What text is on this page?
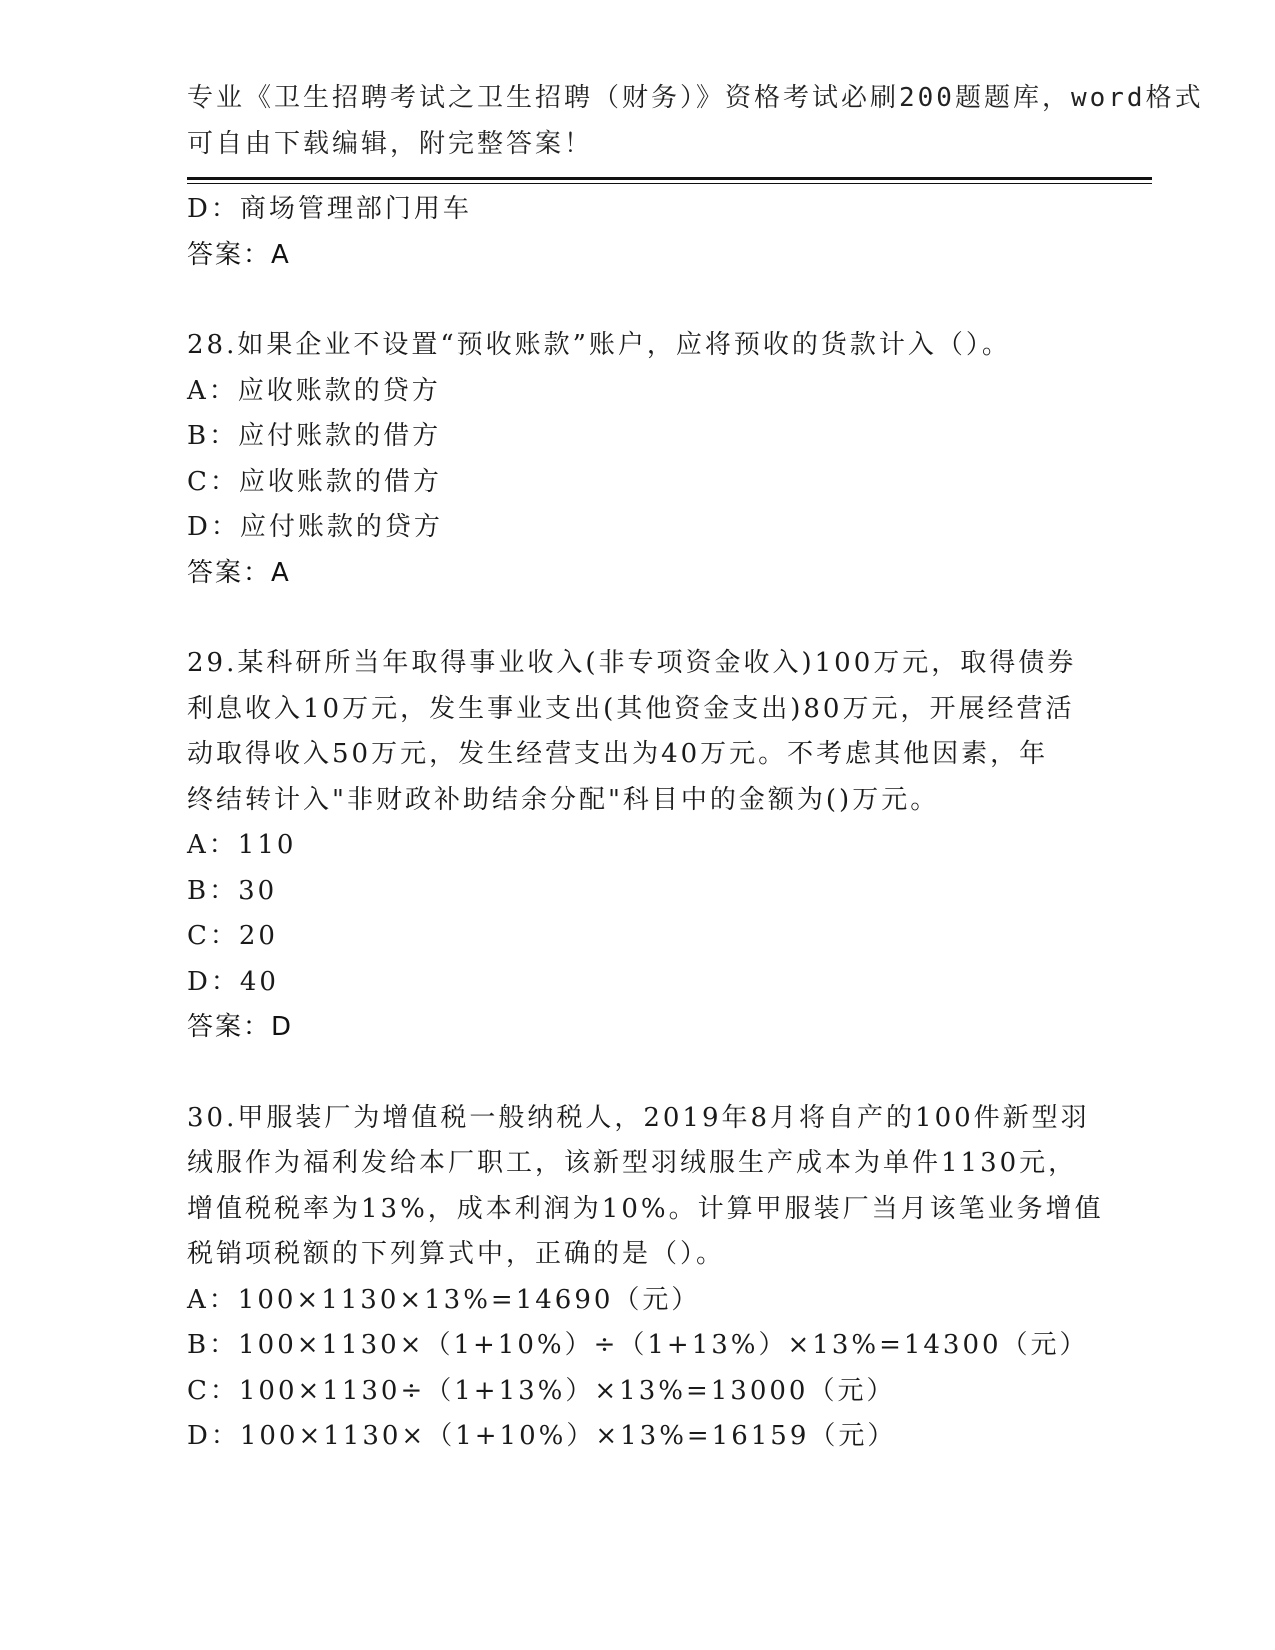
专业《卫生招聘考试之卫生招聘（财务）》资格考试必刷200题题库，word格式
可自由下载编辑，附完整答案！
D：商场管理部门用车
答案：A
28.如果企业不设置“预收账款”账户，应将预收的货款计入（）。
A：应收账款的贷方
B：应付账款的借方
C：应收账款的借方
D：应付账款的贷方
答案：A
29.某科研所当年取得事业收入(非专项资金收入)100万元，取得债券
利息收入10万元，发生事业支出(其他资金支出)80万元，开展经营活
动取得收入50万元，发生经营支出为40万元。不考虑其他因素，年
终结转计入"非财政补助结余分配"科目中的金额为()万元。
A：110
B：30
C：20
D：40
答案：D
30.甲服装厂为增值税一般纳税人，2019年8月将自产的100件新型羽
绒服作为福利发给本厂职工，该新型羽绒服生产成本为单件1130元，
增值税税率为13%，成本利润为10%。计算甲服装厂当月该笔业务增值
税销项税额的下列算式中，正确的是（）。
A：100×1130×13%=14690（元）
B：100×1130×（1+10%）÷（1+13%）×13%=14300（元）
C：100×1130÷（1+13%）×13%=13000（元）
D：100×1130×（1+10%）×13%=16159（元）
